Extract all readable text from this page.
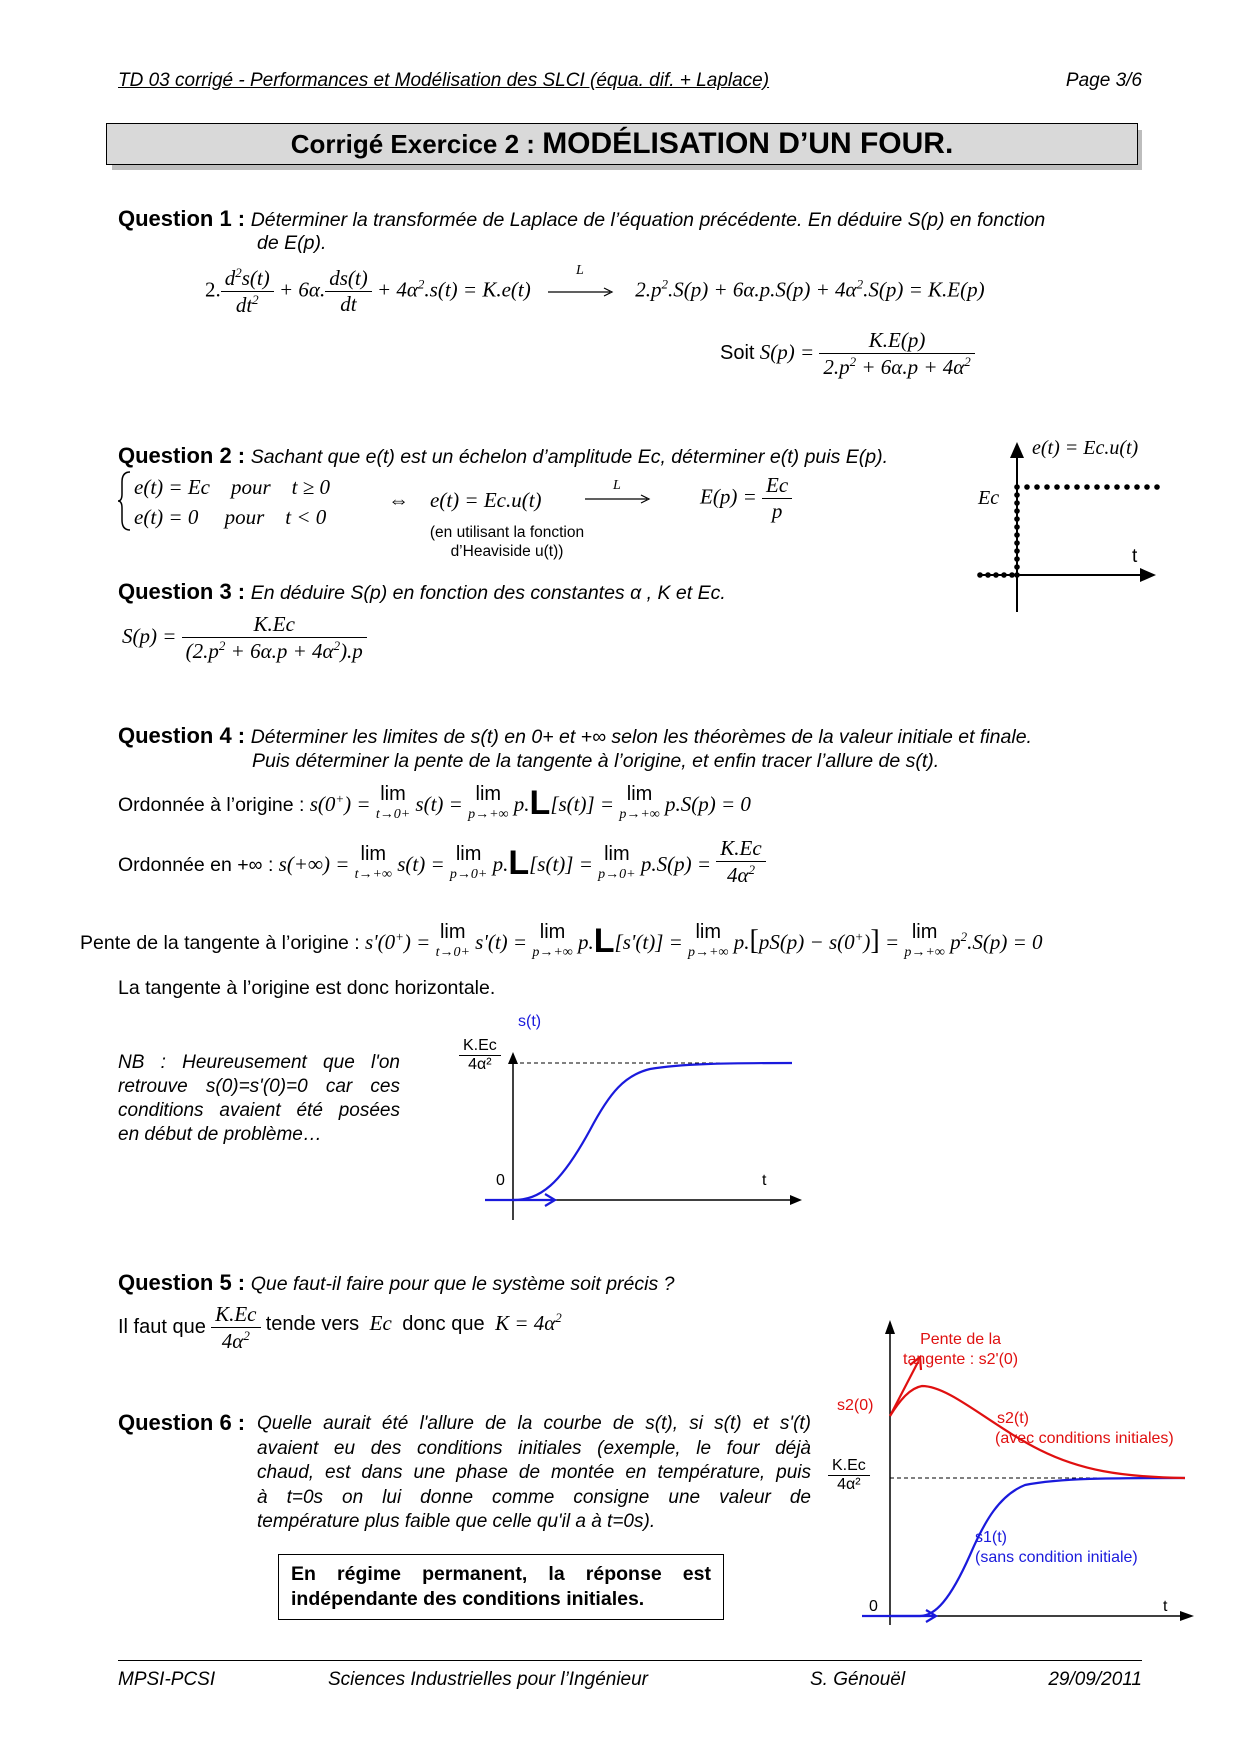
TD 03 corrigé - Performances et Modélisation des SLCI (équa. dif. + Laplace)	Page 3/6
Corrigé Exercice 2 : MODÉLISATION D’UN FOUR.
Question 1 : Déterminer la transformée de Laplace de l’équation précédente. En déduire S(p) en fonction
de E(p).
2. $\frac{d^2s(t)}{dt^2} + 6\alpha$. $\frac{ds(t)}{dt} + 4\alpha^2.s(t) = K.e(t)$
L
$2.p^2.S(p) + 6\alpha.p.S(p) + 4\alpha^2.S(p) = K.E(p)$
Soit $S(p) = \frac{K.E(p)}{2.p^2 + 6\alpha.p + 4\alpha^2}$
Question 2 : Sachant que e(t) est un échelon d’amplitude Ec, déterminer e(t) puis E(p).
e(t) = Ec    pour    t ≥ 0
e(t) = 0     pour    t < 0
⇔    e(t) = Ec.u(t)
L	$E(p) = \frac{Ec}{p}$
(en utilisant la fonction
d’Heaviside u(t))
e(t) = Ec.u(t)
Ec
t
Question 3 : En déduire S(p) en fonction des constantes α , K et Ec.
$S(p) = \frac{K.Ec}{(2.p^2 + 6\alpha.p + 4\alpha^2).p}$
Question 4 : Déterminer les limites de s(t) en 0+ et +∞ selon les théorèmes de la valeur initiale et finale.
Puis déterminer la pente de la tangente à l’origine, et enfin tracer l’allure de s(t).
Ordonnée à l’origine : s(0+) = lim
t→0+ s(t) = lim
p→+∞ p.L[s(t)] = lim
p→+∞ p.S(p) = 0
Ordonnée en +∞ : s(+∞) = lim
t→+∞ s(t) = lim
p→0+ p.L[s(t)] = lim
$p\to 0+ p.S(p) = \frac{K.Ec}{4\alpha^2}$
Pente de la tangente à l’origine : s'(0+) = lim
t→0+ s'(t) = lim
p→+∞ p.L[s'(t)] = lim
p→+∞ p.[pS(p) − s(0+)] = lim
p→+∞ $p^2.S(p) = 0$
La tangente à l’origine est donc horizontale.
NB : Heureusement que l'on
retrouve s(0)=s'(0)=0 car ces
conditions avaient été posées
en début de problème…
s(t)
$\frac{K.Ec}{\text{4α²}}$
0	t
Question 5 : Que faut-il faire pour que le système soit précis ?
Il faut que $\frac{K.Ec}{4\alpha^2}$ tende vers  Ec  donc que  $K = 4\alpha^2$
Question 6 : Quelle aurait été l'allure de la courbe de s(t), si s(t) et s'(t)
avaient eu des conditions initiales (exemple, le four déjà
chaud, est dans une phase de montée en température, puis
à t=0s on lui donne comme consigne une valeur de
température plus faible que celle qu'il a à t=0s).
En régime permanent, la réponse est
indépendante des conditions initiales.
Pente de la
tangente : s2'(0)
s2(0)
s2(t)
(avec conditions initiales)
$\frac{K.Ec}{\text{4α²}}$
s1(t)
(sans condition initiale)
0	t
MPSI-PCSI	Sciences Industrielles pour l’Ingénieur	S. Génouël	29/09/2011
